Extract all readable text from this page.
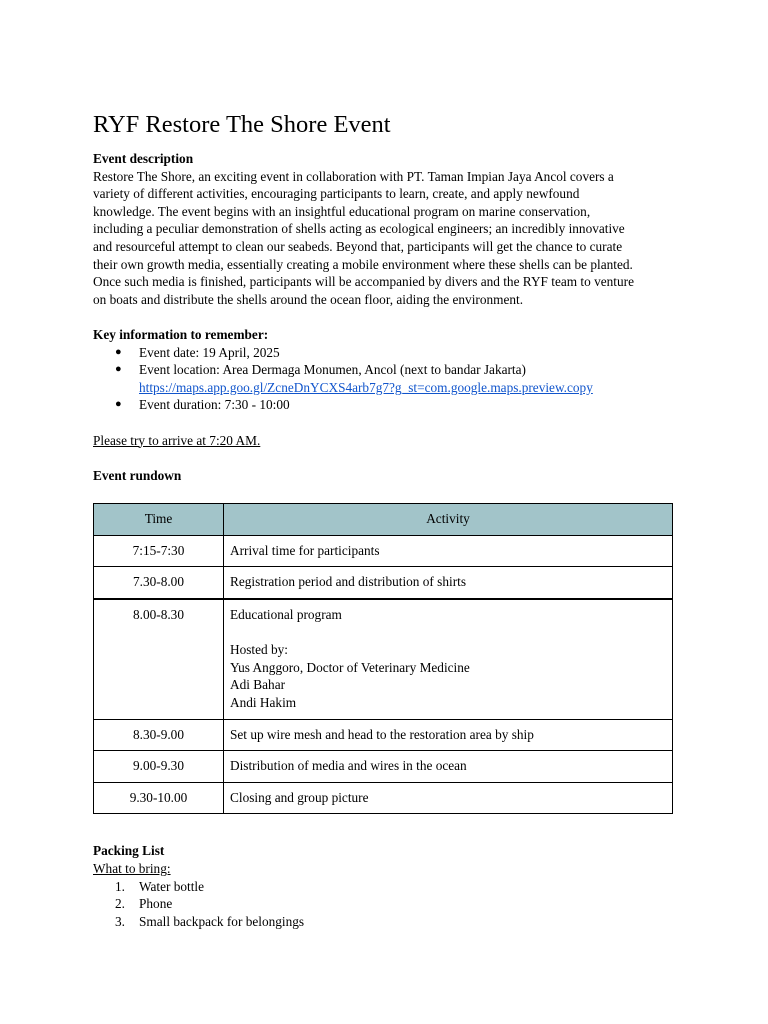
RYF Restore The Shore Event
Event description
Restore The Shore, an exciting event in collaboration with PT. Taman Impian Jaya Ancol covers a
variety of different activities, encouraging participants to learn, create, and apply newfound
knowledge. The event begins with an insightful educational program on marine conservation,
including a peculiar demonstration of shells acting as ecological engineers; an incredibly innovative
and resourceful attempt to clean our seabeds. Beyond that, participants will get the chance to curate
their own growth media, essentially creating a mobile environment where these shells can be planted.
Once such media is finished, participants will be accompanied by divers and the RYF team to venture
on boats and distribute the shells around the ocean floor, aiding the environment.
Key information to remember:
● Event date: 19 April, 2025
● Event location: Area Dermaga Monumen, Ancol (next to bandar Jakarta)
https://maps.app.goo.gl/ZcneDnYCXS4arb7g7?g_st=com.google.maps.preview.copy
● Event duration: 7:30 - 10:00
Please try to arrive at 7:20 AM.
Event rundown
Time	Activity
7:15-7:30	Arrival time for participants
7.30-8.00	Registration period and distribution of shirts
8.00-8.30	Educational program
Hosted by:
Yus Anggoro, Doctor of Veterinary Medicine
Adi Bahar
Andi Hakim

8.30-9.00	Set up wire mesh and head to the restoration area by ship
9.00-9.30	Distribution of media and wires in the ocean
9.30-10.00	Closing and group picture
Packing List
What to bring:
1. Water bottle
2. Phone
3. Small backpack for belongings
